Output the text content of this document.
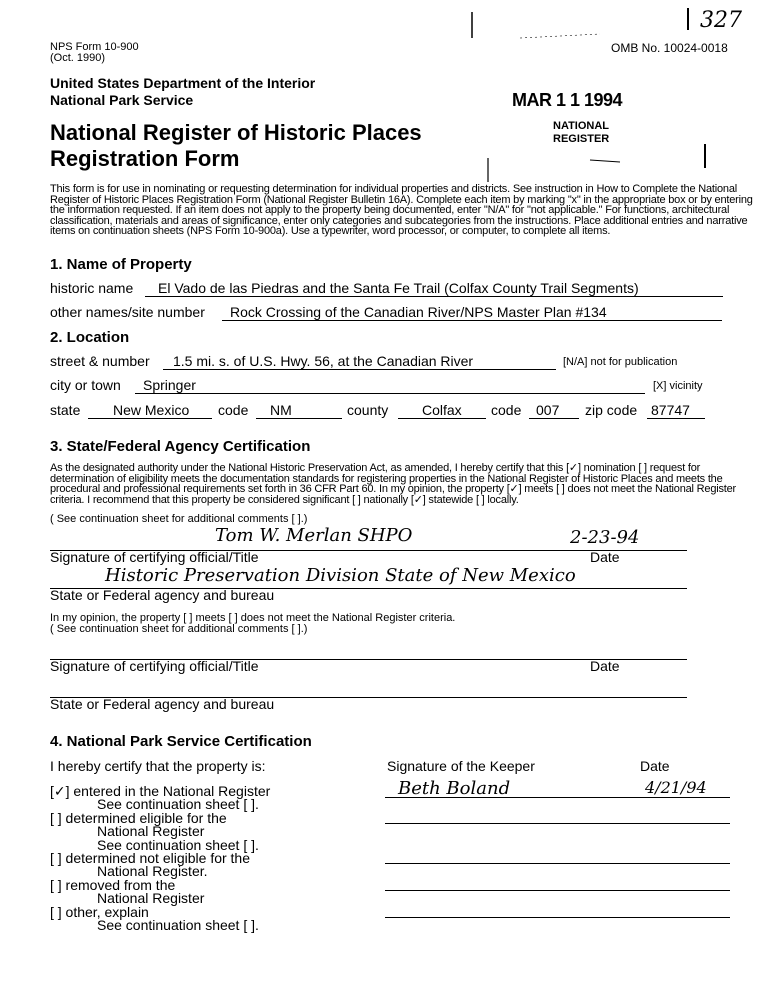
NPS Form 10-900
(Oct. 1990)
OMB No. 10024-0018
327
United States Department of the Interior
National Park Service
National Register of Historic Places
Registration Form
MAR 1 1 1994
NATIONAL
REGISTER
This form is for use in nominating or requesting determination for individual properties and districts. See instruction in How to Complete the National Register of Historic Places Registration Form (National Register Bulletin 16A). Complete each item by marking "x" in the appropriate box or by entering the information requested. If an item does not apply to the property being documented, enter "N/A" for "not applicable." For functions, architectural classification, materials and areas of significance, enter only categories and subcategories from the instructions. Place additional entries and narrative items on continuation sheets (NPS Form 10-900a). Use a typewriter, word processor, or computer, to complete all items.
1. Name of Property
historic name El Vado de las Piedras and the Santa Fe Trail (Colfax County Trail Segments)
other names/site number Rock Crossing of the Canadian River/NPS Master Plan #134
2. Location
street & number 1.5 mi. s. of U.S. Hwy. 56, at the Canadian River	[N/A] not for publication
city or town Springer	[X] vicinity
state New Mexico code NM	county Colfax code 007 zip code 87747
3. State/Federal Agency Certification
As the designated authority under the National Historic Preservation Act, as amended, I hereby certify that this [✓] nomination [ ] request for determination of eligibility meets the documentation standards for registering properties in the National Register of Historic Places and meets the procedural and professional requirements set forth in 36 CFR Part 60. In my opinion, the property [✓] meets [ ] does not meet the National Register criteria. I recommend that this property be considered significant [ ] nationally [✓] statewide [ ] locally.
( See continuation sheet for additional comments [ ].)
Tom W. Merlan SHPO	2-23-94
Signature of certifying official/Title	Date
Historic Preservation Division State of New Mexico
State or Federal agency and bureau
In my opinion, the property [ ] meets [ ] does not meet the National Register criteria.
( See continuation sheet for additional comments [ ].)
Signature of certifying official/Title	Date
State or Federal agency and bureau
4. National Park Service Certification
I hereby certify that the property is:	Signature of the Keeper	Date
Beth Boland	4/21/94
[✓] entered in the National Register
See continuation sheet [ ].
[ ] determined eligible for the
National Register
See continuation sheet [ ].
[ ] determined not eligible for the
National Register.
[ ] removed from the
National Register
[ ] other, explain
See continuation sheet [ ].
